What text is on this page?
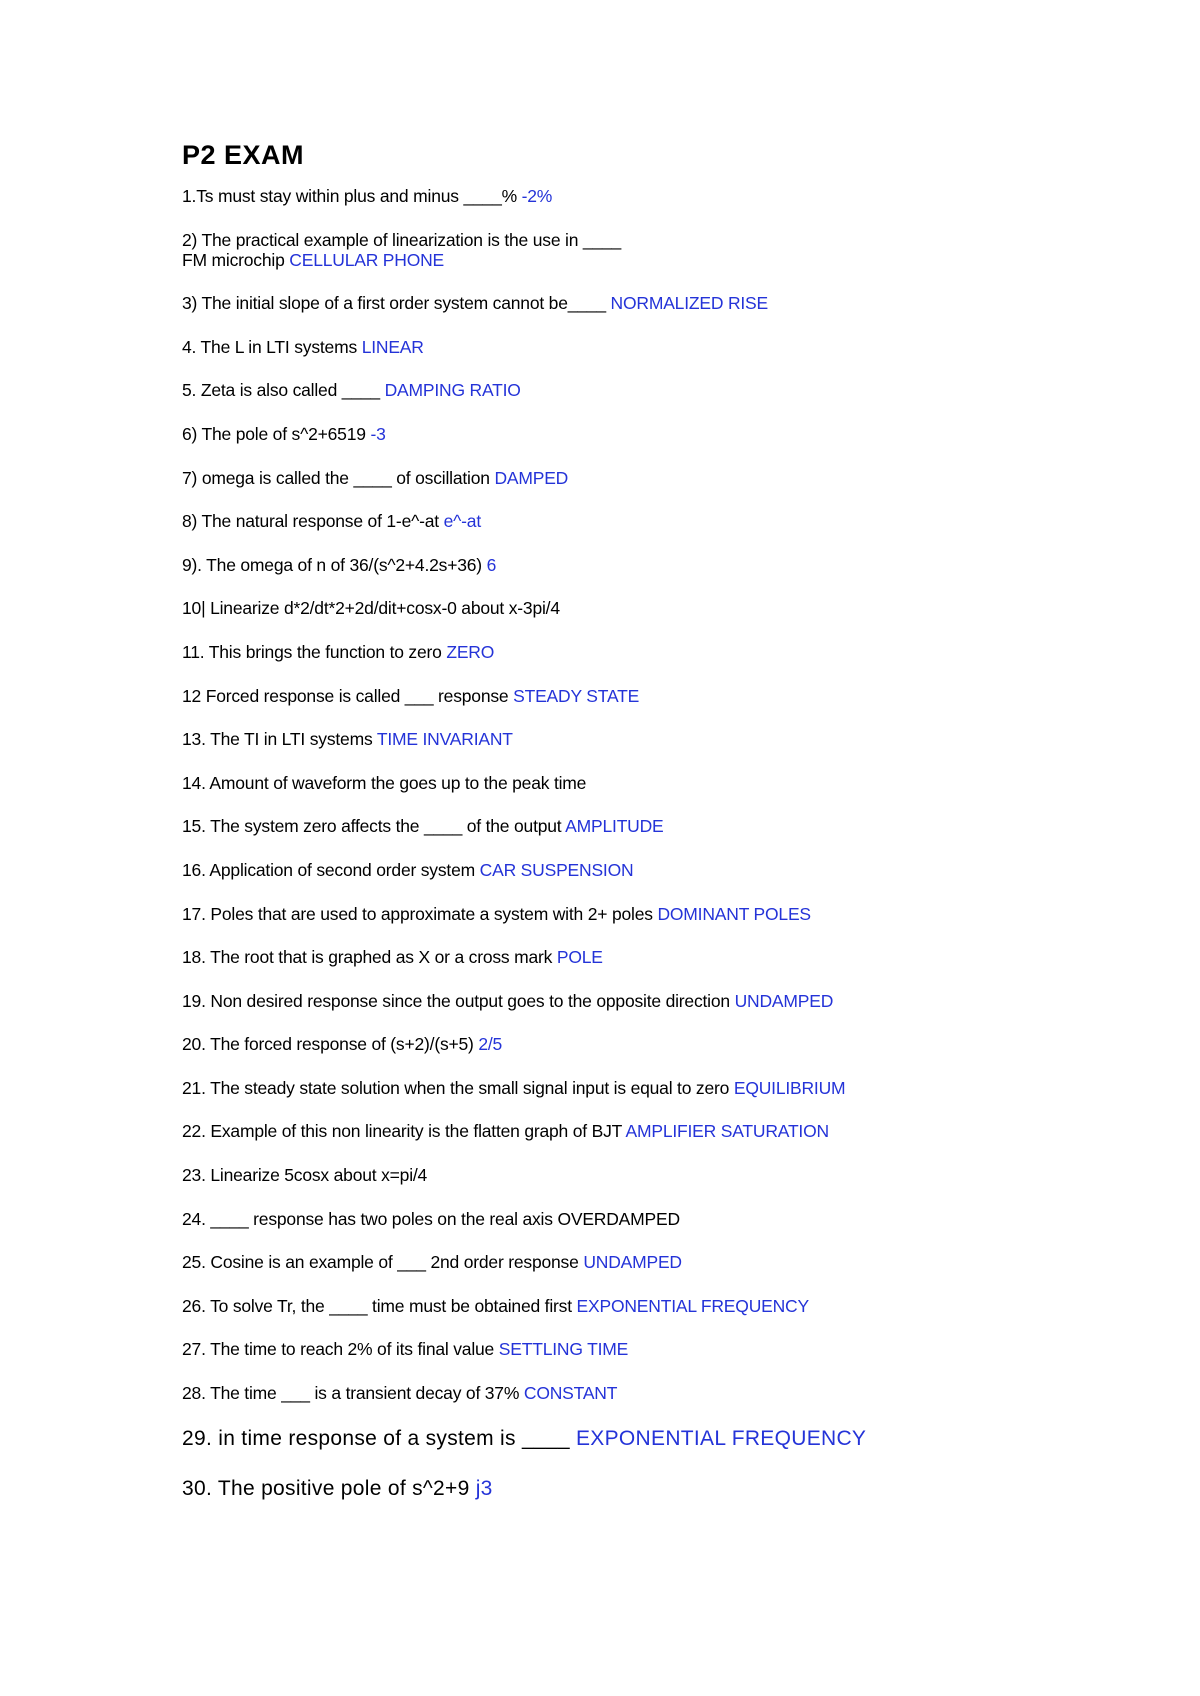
P2 EXAM
1.Ts must stay within plus and minus ____% -2%
2) The practical example of linearization is the use in ____
FM microchip CELLULAR PHONE
3) The initial slope of a first order system cannot be____ NORMALIZED RISE
4. The L in LTI systems LINEAR
5. Zeta is also called ____ DAMPING RATIO
6) The pole of s^2+6519 -3
7) omega is called the ____ of oscillation DAMPED
8) The natural response of 1-e^-at e^-at
9). The omega of n of 36/(s^2+4.2s+36) 6
10| Linearize d*2/dt*2+2d/dit+cosx-0 about x-3pi/4
11. This brings the function to zero ZERO
12 Forced response is called ___ response STEADY STATE
13. The TI in LTI systems TIME INVARIANT
14. Amount of waveform the goes up to the peak time
15. The system zero affects the ____ of the output AMPLITUDE
16. Application of second order system CAR SUSPENSION
17. Poles that are used to approximate a system with 2+ poles DOMINANT POLES
18. The root that is graphed as X or a cross mark POLE
19. Non desired response since the output goes to the opposite direction UNDAMPED
20. The forced response of (s+2)/(s+5) 2/5
21. The steady state solution when the small signal input is equal to zero EQUILIBRIUM
22. Example of this non linearity is the flatten graph of BJT AMPLIFIER SATURATION
23. Linearize 5cosx about x=pi/4
24. ____ response has two poles on the real axis OVERDAMPED
25. Cosine is an example of ___ 2nd order response UNDAMPED
26. To solve Tr, the ____ time must be obtained first EXPONENTIAL FREQUENCY
27. The time to reach 2% of its final value SETTLING TIME
28. The time ___ is a transient decay of 37% CONSTANT
29. in time response of a system is ____ EXPONENTIAL FREQUENCY
30. The positive pole of s^2+9 j3
